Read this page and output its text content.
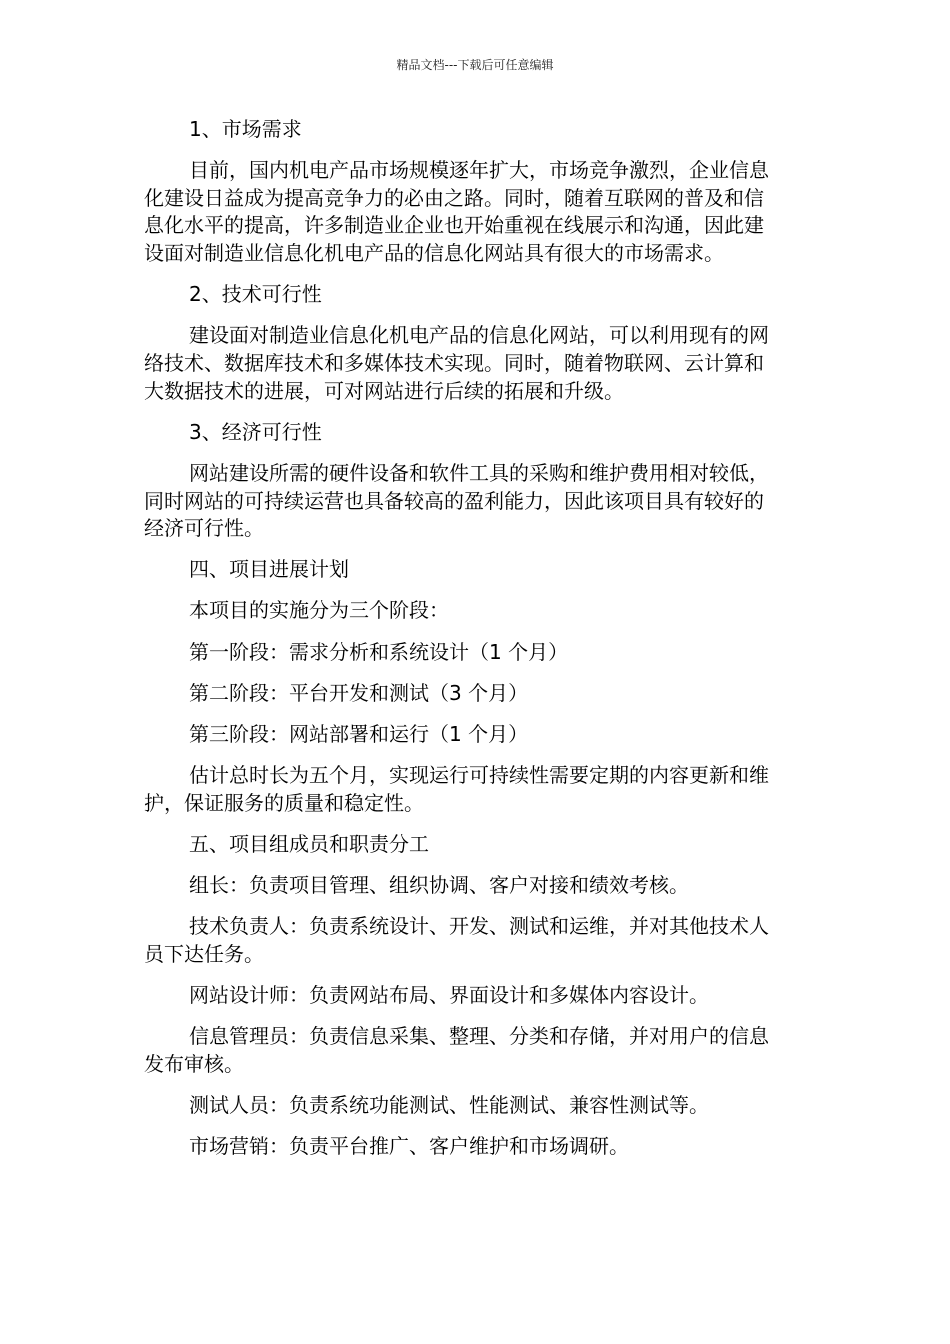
精品文档---下载后可任意编辑

1、市场需求

目前，国内机电产品市场规模逐年扩大，市场竞争激烈，企业信息
化建设日益成为提高竞争力的必由之路。同时，随着互联网的普及和信
息化水平的提高，许多制造业企业也开始重视在线展示和沟通，因此建
设面对制造业信息化机电产品的信息化网站具有很大的市场需求。

2、技术可行性

建设面对制造业信息化机电产品的信息化网站，可以利用现有的网
络技术、数据库技术和多媒体技术实现。同时，随着物联网、云计算和
大数据技术的进展，可对网站进行后续的拓展和升级。

3、经济可行性

网站建设所需的硬件设备和软件工具的采购和维护费用相对较低，
同时网站的可持续运营也具备较高的盈利能力，因此该项目具有较好的
经济可行性。

四、项目进展计划

本项目的实施分为三个阶段：

第一阶段：需求分析和系统设计（1 个月）

第二阶段：平台开发和测试（3 个月）

第三阶段：网站部署和运行（1 个月）

估计总时长为五个月，实现运行可持续性需要定期的内容更新和维
护，保证服务的质量和稳定性。

五、项目组成员和职责分工

组长：负责项目管理、组织协调、客户对接和绩效考核。

技术负责人：负责系统设计、开发、测试和运维，并对其他技术人
员下达任务。

网站设计师：负责网站布局、界面设计和多媒体内容设计。

信息管理员：负责信息采集、整理、分类和存储，并对用户的信息
发布审核。

测试人员：负责系统功能测试、性能测试、兼容性测试等。

市场营销：负责平台推广、客户维护和市场调研。
